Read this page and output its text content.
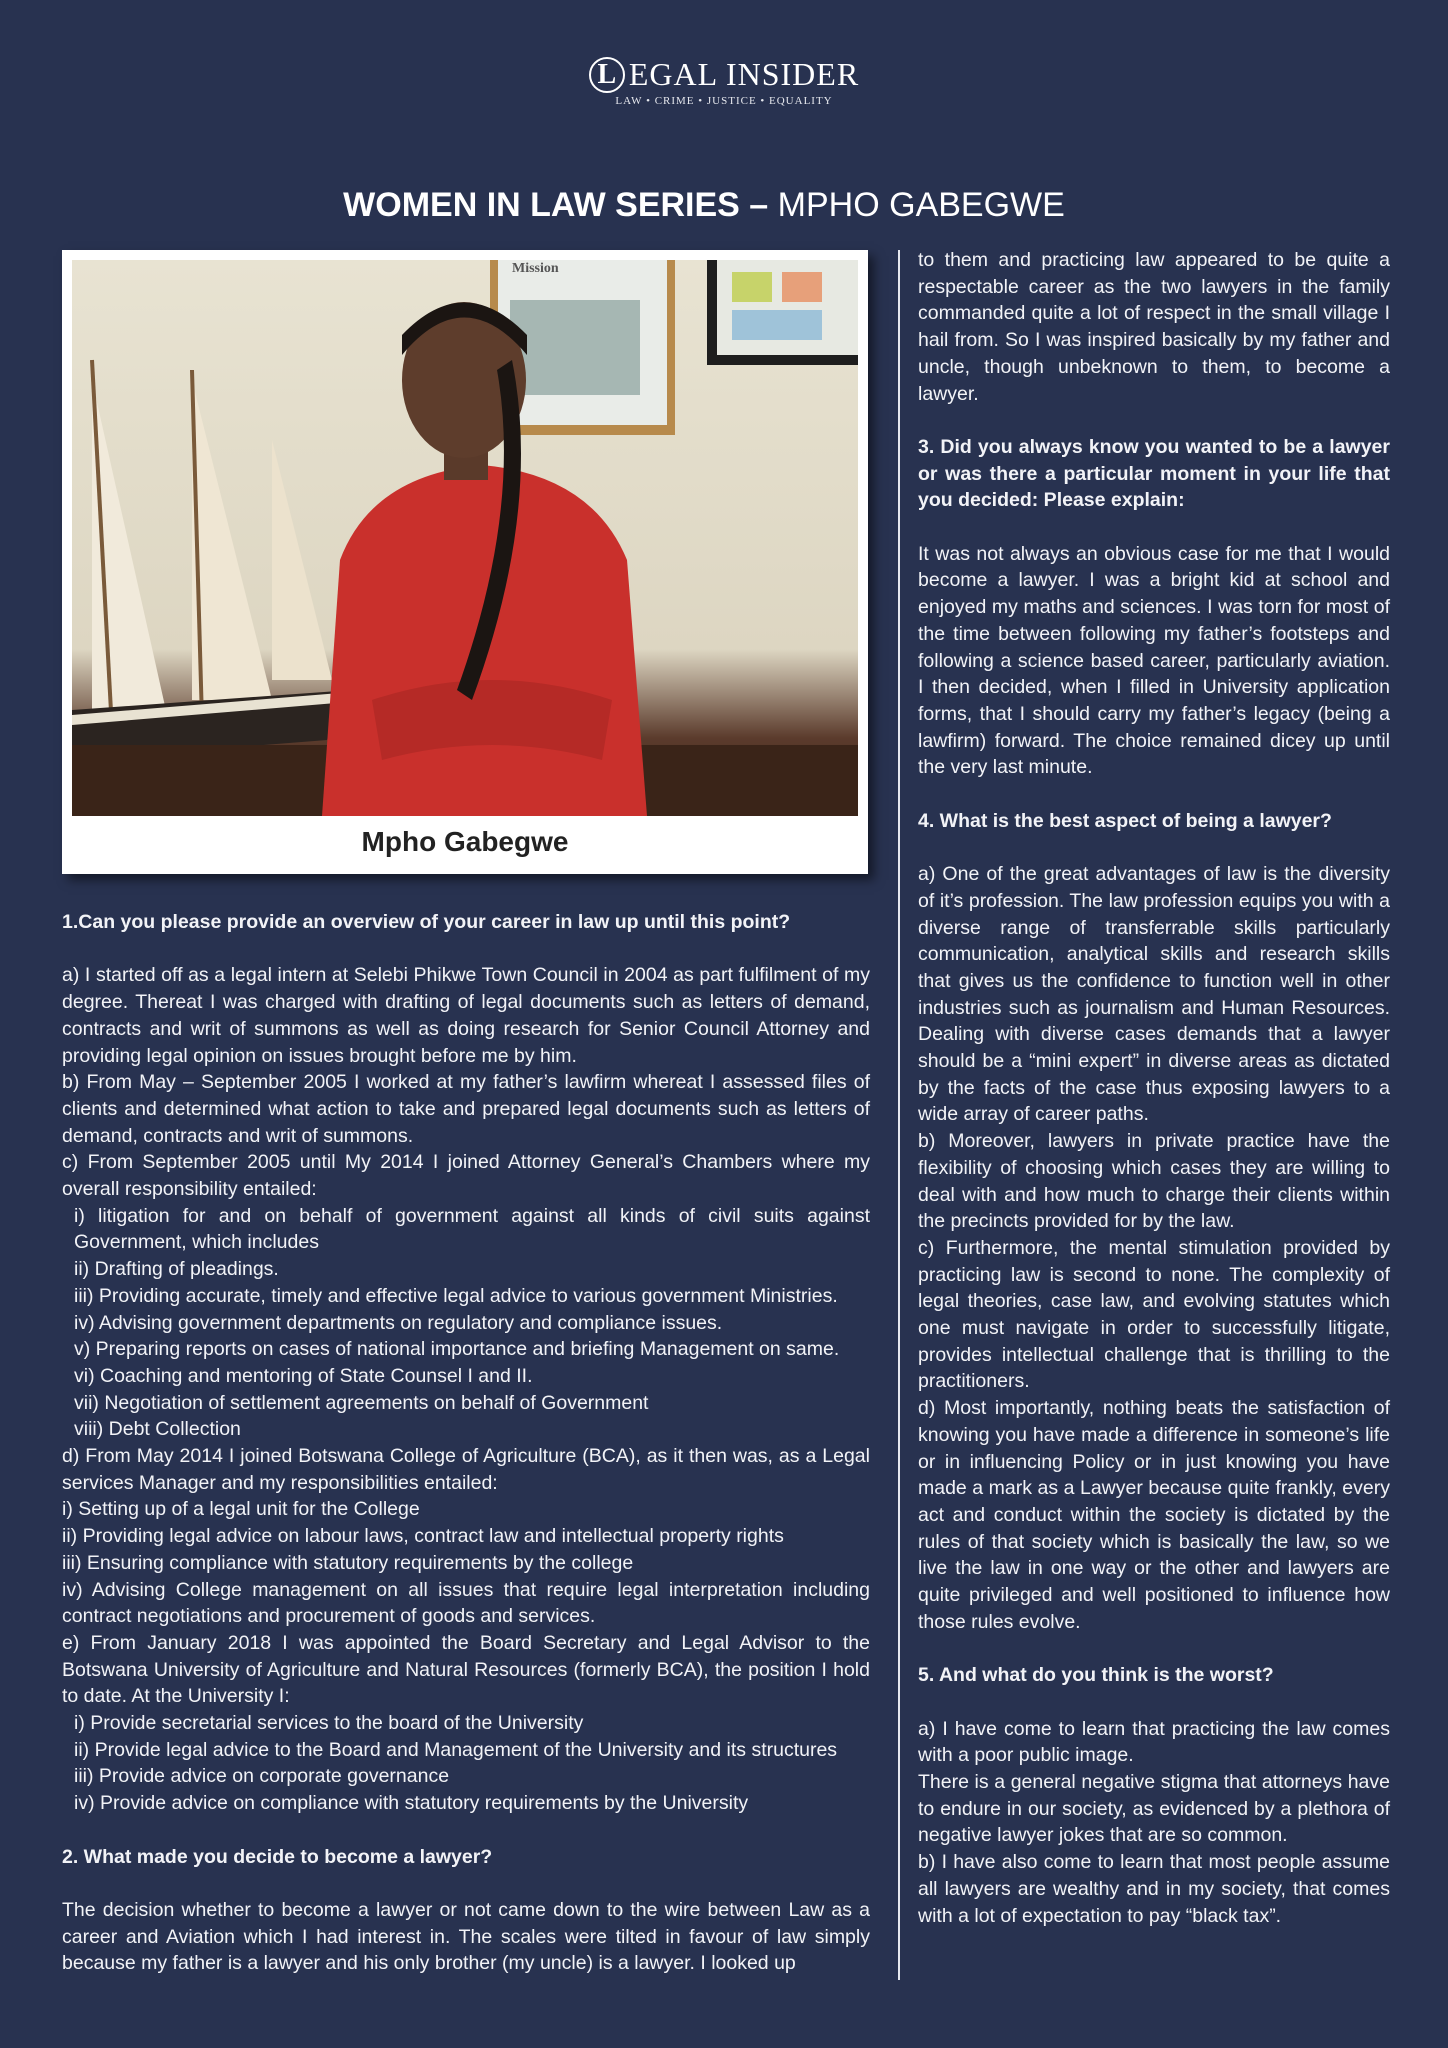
L EGAL INSIDER
LAW • CRIME • JUSTICE • EQUALITY
WOMEN IN LAW SERIES – MPHO GABEGWE
Mission
Mpho Gabegwe

1.Can you please provide an overview of your career in law up until this point?

a) I started off as a legal intern at Selebi Phikwe Town Council in 2004 as part fulfilment of my degree. Thereat I was charged with drafting of legal documents such as letters of demand, contracts and writ of summons as well as doing research for Senior Council Attorney and providing legal opinion on issues brought before me by him.

b) From May – September 2005 I worked at my father’s lawfirm whereat I assessed files of clients and determined what action to take and prepared legal documents such as letters of demand, contracts and writ of summons.

c) From September 2005 until My 2014 I joined Attorney General’s Chambers where my overall responsibility entailed:

i) litigation for and on behalf of government against all kinds of civil suits against Government, which includes

ii) Drafting of pleadings.

iii) Providing accurate, timely and effective legal advice to various government Ministries.

iv) Advising government departments on regulatory and compliance issues.

v) Preparing reports on cases of national importance and briefing Management on same.

vi) Coaching and mentoring of State Counsel I and II.

vii) Negotiation of settlement agreements on behalf of Government

viii) Debt Collection

d) From May 2014 I joined Botswana College of Agriculture (BCA), as it then was, as a Legal services Manager and my responsibilities entailed:

i) Setting up of a legal unit for the College

ii) Providing legal advice on labour laws, contract law and intellectual property rights

iii) Ensuring compliance with statutory requirements by the college

iv) Advising College management on all issues that require legal interpretation including contract negotiations and procurement of goods and services.

e) From January 2018 I was appointed the Board Secretary and Legal Advisor to the Botswana University of Agriculture and Natural Resources (formerly BCA), the position I hold to date. At the University I:

i) Provide secretarial services to the board of the University

ii) Provide legal advice to the Board and Management of the University and its structures

iii) Provide advice on corporate governance

iv) Provide advice on compliance with statutory requirements by the University

2. What made you decide to become a lawyer?

The decision whether to become a lawyer or not came down to the wire between Law as a career and Aviation which I had interest in. The scales were tilted in favour of law simply because my father is a lawyer and his only brother (my uncle) is a lawyer. I looked up

to them and practicing law appeared to be quite a respectable career as the two lawyers in the family commanded quite a lot of respect in the small village I hail from. So I was inspired basically by my father and uncle, though unbeknown to them, to become a lawyer.

3. Did you always know you wanted to be a lawyer or was there a particular moment in your life that you decided: Please explain:

It was not always an obvious case for me that I would become a lawyer. I was a bright kid at school and enjoyed my maths and sciences. I was torn for most of the time between following my father’s footsteps and following a science based career, particularly aviation. I then decided, when I filled in University application forms, that I should carry my father’s legacy (being a lawfirm) forward. The choice remained dicey up until the very last minute.

4. What is the best aspect of being a lawyer?

a) One of the great advantages of law is the diversity of it’s profession. The law profession equips you with a diverse range of transferrable skills particularly communication, analytical skills and research skills that gives us the confidence to function well in other industries such as journalism and Human Resources. Dealing with diverse cases demands that a lawyer should be a “mini expert” in diverse areas as dictated by the facts of the case thus exposing lawyers to a wide array of career paths.

b) Moreover, lawyers in private practice have the flexibility of choosing which cases they are willing to deal with and how much to charge their clients within the precincts provided for by the law.

c) Furthermore, the mental stimulation provided by practicing law is second to none. The complexity of legal theories, case law, and evolving statutes which one must navigate in order to successfully litigate, provides intellectual challenge that is thrilling to the practitioners.

d) Most importantly, nothing beats the satisfaction of knowing you have made a difference in someone’s life or in influencing Policy or in just knowing you have made a mark as a Lawyer because quite frankly, every act and conduct within the society is dictated by the rules of that society which is basically the law, so we live the law in one way or the other and lawyers are quite privileged and well positioned to influence how those rules evolve.

5. And what do you think is the worst?

a) I have come to learn that practicing the law comes with a poor public image.

There is a general negative stigma that attorneys have to endure in our society, as evidenced by a plethora of negative lawyer jokes that are so common.

b) I have also come to learn that most people assume all lawyers are wealthy and in my society, that comes with a lot of expectation to pay “black tax”.
